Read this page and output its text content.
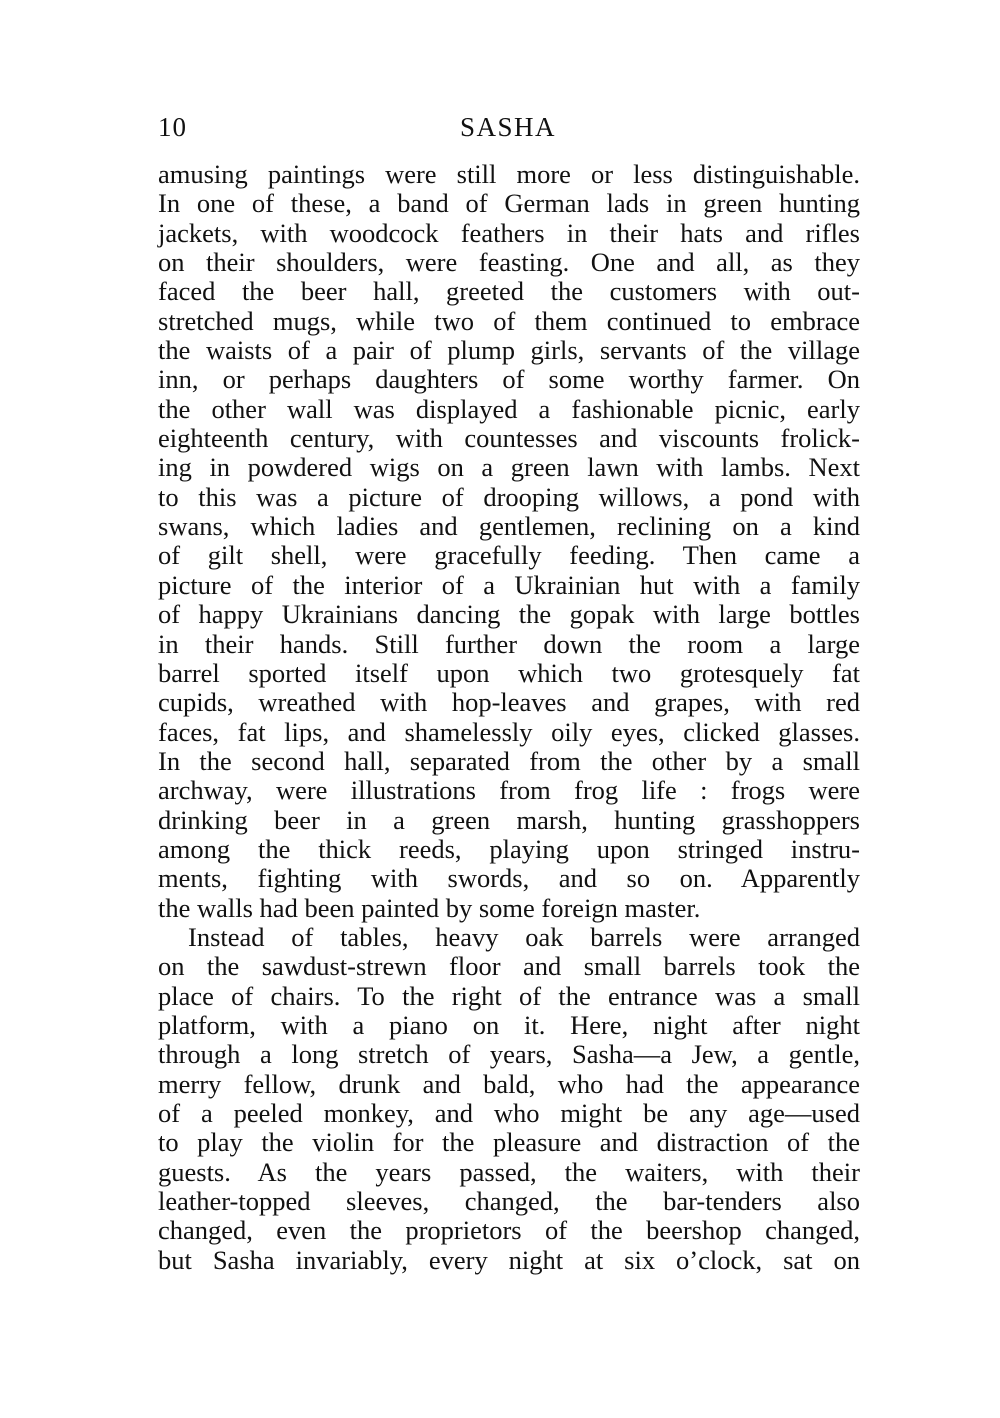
10	SASHA
amusing paintings were still more or less distinguishable.
In one of these, a band of German lads in green hunting
jackets, with woodcock feathers in their hats and rifles
on their shoulders, were feasting. One and all, as they
faced the beer hall, greeted the customers with out-
stretched mugs, while two of them continued to embrace
the waists of a pair of plump girls, servants of the village
inn, or perhaps daughters of some worthy farmer. On
the other wall was displayed a fashionable picnic, early
eighteenth century, with countesses and viscounts frolick-
ing in powdered wigs on a green lawn with lambs. Next
to this was a picture of drooping willows, a pond with
swans, which ladies and gentlemen, reclining on a kind
of gilt shell, were gracefully feeding. Then came a
picture of the interior of a Ukrainian hut with a family
of happy Ukrainians dancing the gopak with large bottles
in their hands. Still further down the room a large
barrel sported itself upon which two grotesquely fat
cupids, wreathed with hop-leaves and grapes, with red
faces, fat lips, and shamelessly oily eyes, clicked glasses.
In the second hall, separated from the other by a small
archway, were illustrations from frog life : frogs were
drinking beer in a green marsh, hunting grasshoppers
among the thick reeds, playing upon stringed instru-
ments, fighting with swords, and so on. Apparently
the walls had been painted by some foreign master.
Instead of tables, heavy oak barrels were arranged
on the sawdust-strewn floor and small barrels took the
place of chairs. To the right of the entrance was a small
platform, with a piano on it. Here, night after night
through a long stretch of years, Sasha—a Jew, a gentle,
merry fellow, drunk and bald, who had the appearance
of a peeled monkey, and who might be any age—used
to play the violin for the pleasure and distraction of the
guests. As the years passed, the waiters, with their
leather-topped sleeves, changed, the bar-tenders also
changed, even the proprietors of the beershop changed,
but Sasha invariably, every night at six o’clock, sat on
